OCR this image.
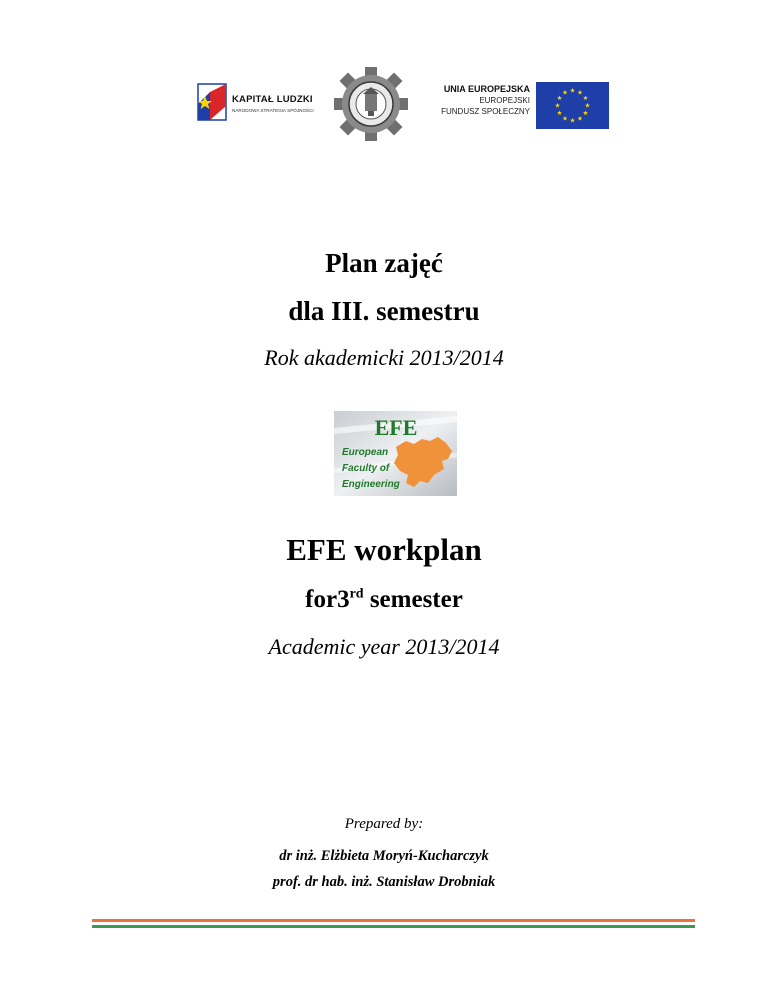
KAPITAŁ LUDZKI
NARODOWA STRATEGIA SPÓJNOŚCI
UNIA EUROPEJSKA
EUROPEJSKI
FUNDUSZ SPOŁECZNY
Plan zajęć
dla III. semestru
Rok akademicki 2013/2014
EFE
European
Faculty of
Engineering
EFE workplan
for3rd semester
Academic year 2013/2014
Prepared by:
dr inż. Elżbieta Moryń-Kucharczyk
prof. dr hab. inż. Stanisław Drobniak
